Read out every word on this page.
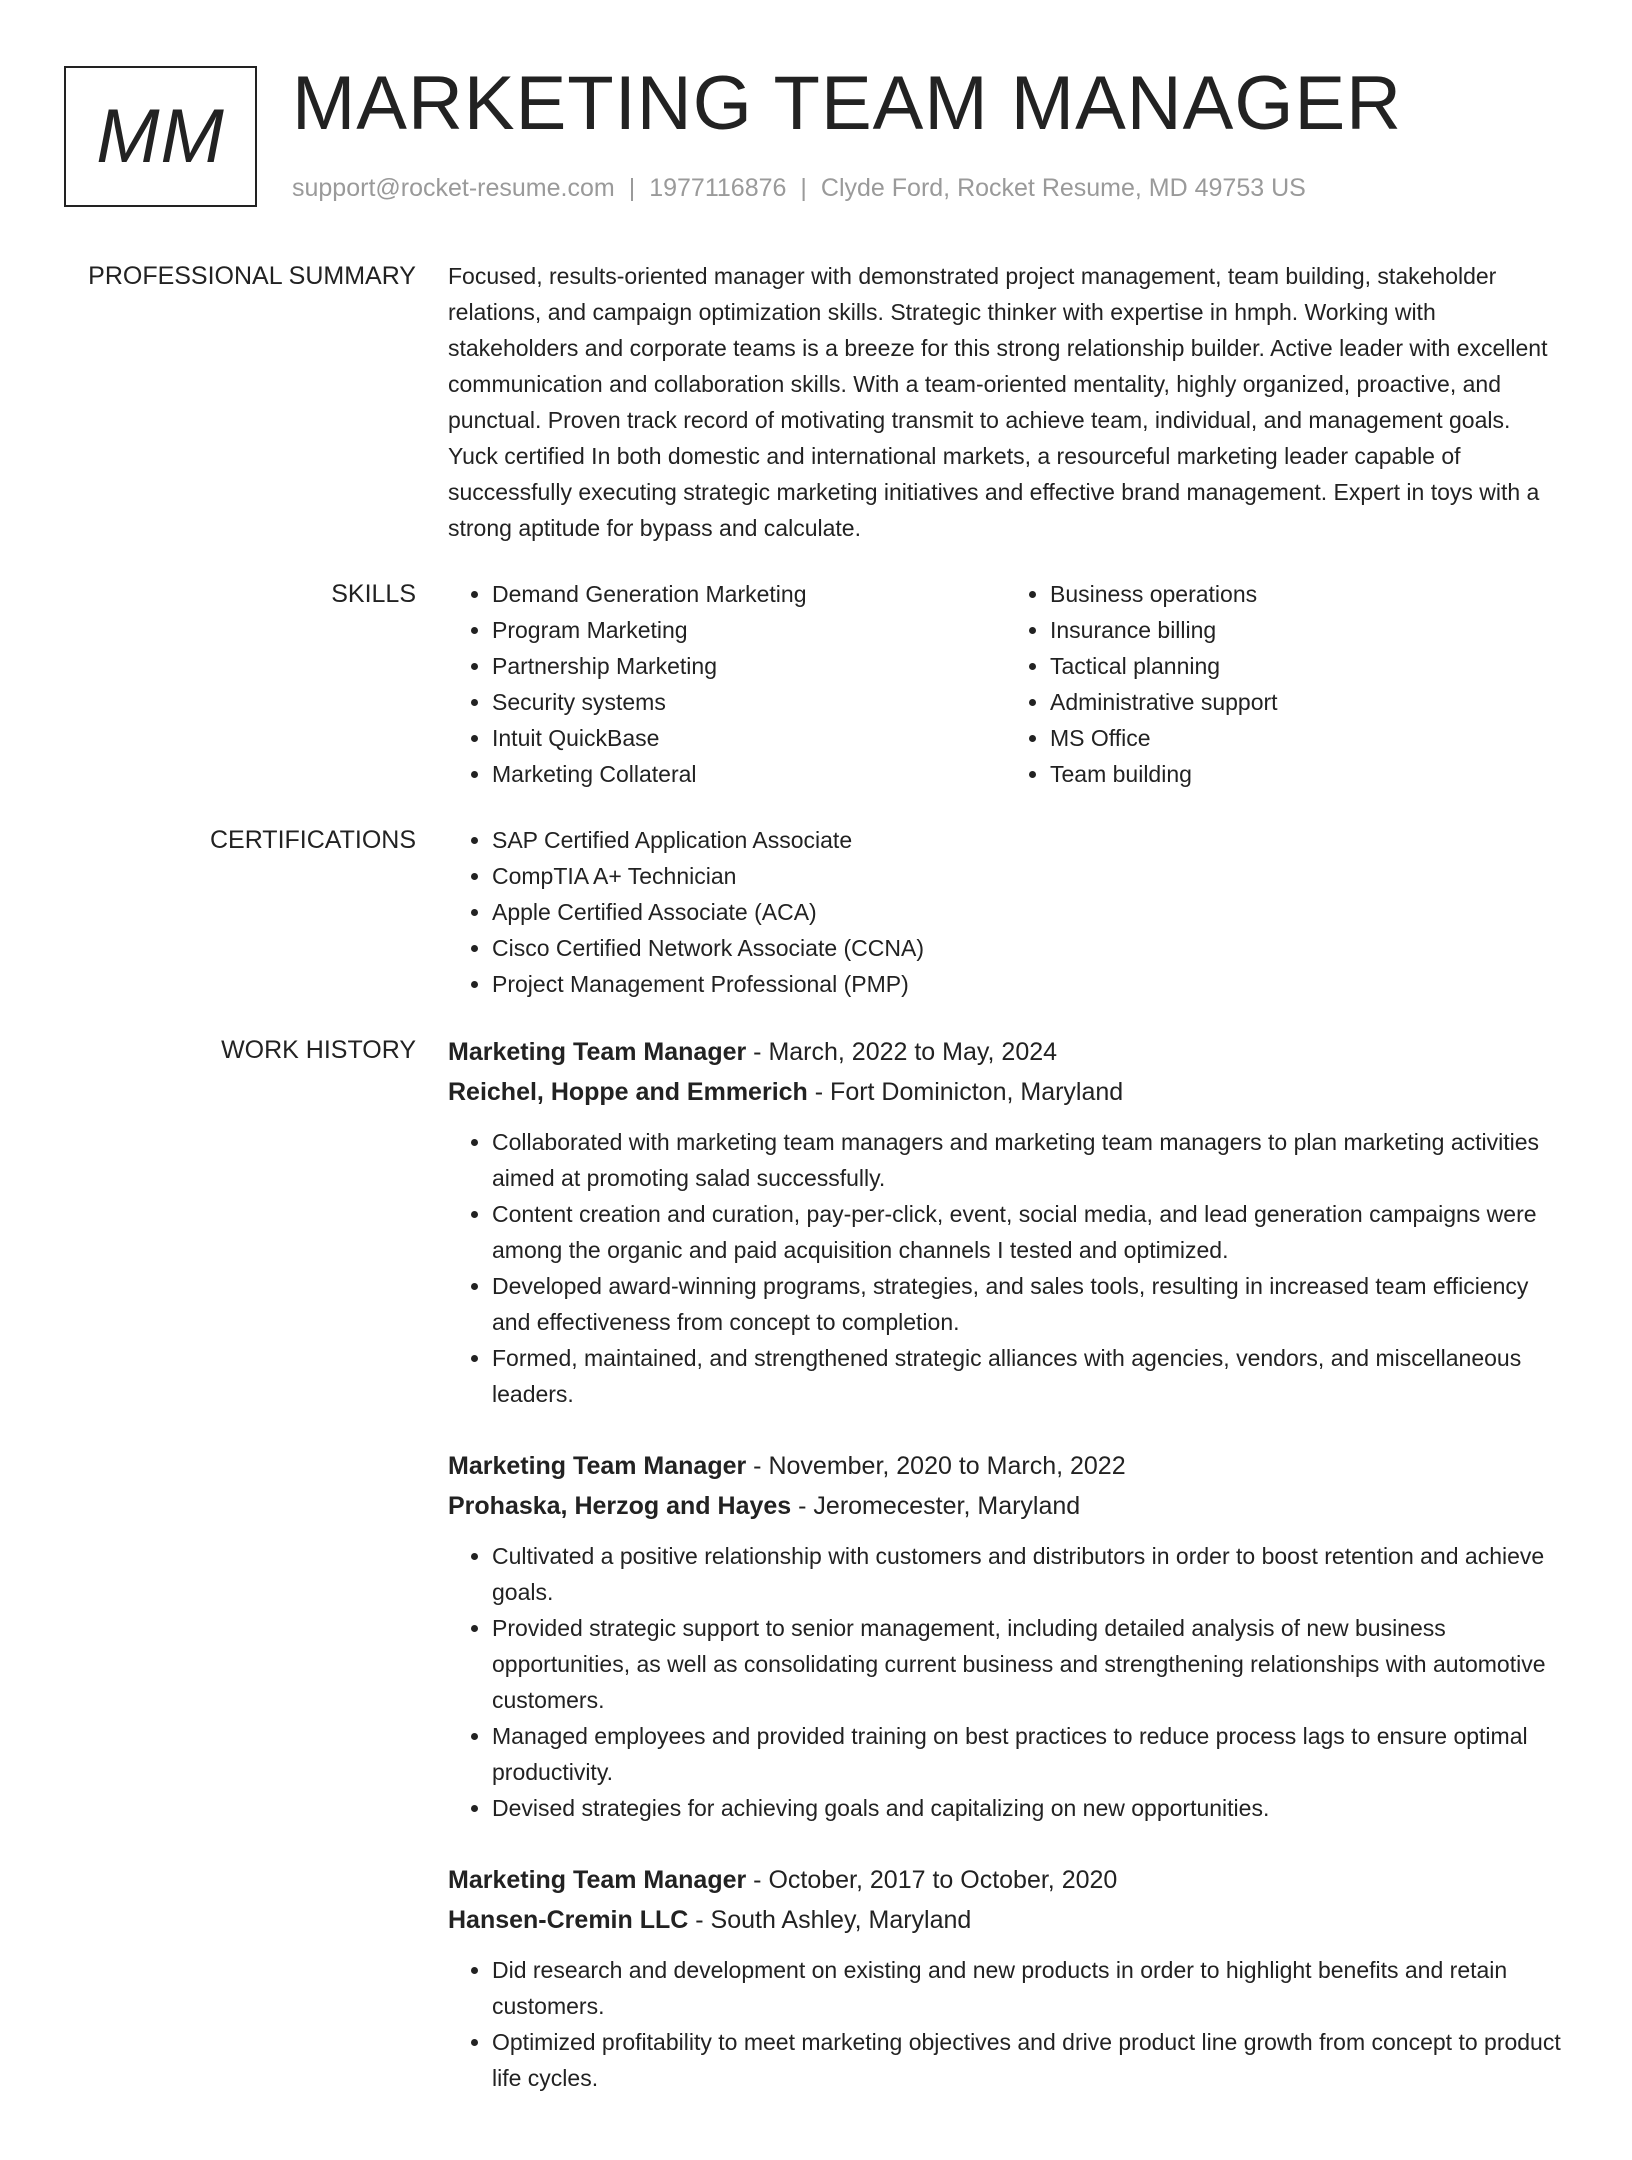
MM MARKETING TEAM MANAGER
support@rocket-resume.com | 1977116876 | Clyde Ford, Rocket Resume, MD 49753 US
PROFESSIONAL SUMMARY Focused, results-oriented manager with demonstrated project management, team building, stakeholder relations, and campaign optimization skills. Strategic thinker with expertise in hmph. Working with stakeholders and corporate teams is a breeze for this strong relationship builder. Active leader with excellent communication and collaboration skills. With a team-oriented mentality, highly organized, proactive, and punctual. Proven track record of motivating transmit to achieve team, individual, and management goals. Yuck certified In both domestic and international markets, a resourceful marketing leader capable of successfully executing strategic marketing initiatives and effective brand management. Expert in toys with a strong aptitude for bypass and calculate.

SKILLS	• Demand Generation Marketing
• Program Marketing
• Partnership Marketing
• Security systems
• Intuit QuickBase
• Marketing Collateral
• Business operations
• Insurance billing
• Tactical planning
• Administrative support
• MS Office
• Team building
CERTIFICATIONS	• SAP Certified Application Associate
• CompTIA A+ Technician
• Apple Certified Associate (ACA)
• Cisco Certified Network Associate (CCNA)
• Project Management Professional (PMP)
WORK HISTORY Marketing Team Manager - March, 2022 to May, 2024
Reichel, Hoppe and Emmerich - Fort Dominicton, Maryland
• Collaborated with marketing team managers and marketing team managers to plan marketing activities aimed at promoting salad successfully.
• Content creation and curation, pay-per-click, event, social media, and lead generation campaigns were among the organic and paid acquisition channels I tested and optimized.
• Developed award-winning programs, strategies, and sales tools, resulting in increased team efficiency and effectiveness from concept to completion.
• Formed, maintained, and strengthened strategic alliances with agencies, vendors, and miscellaneous leaders.
Marketing Team Manager - November, 2020 to March, 2022
Prohaska, Herzog and Hayes - Jeromecester, Maryland
• Cultivated a positive relationship with customers and distributors in order to boost retention and achieve goals.
• Provided strategic support to senior management, including detailed analysis of new business opportunities, as well as consolidating current business and strengthening relationships with automotive customers.
• Managed employees and provided training on best practices to reduce process lags to ensure optimal productivity.
• Devised strategies for achieving goals and capitalizing on new opportunities.
Marketing Team Manager - October, 2017 to October, 2020
Hansen-Cremin LLC - South Ashley, Maryland
• Did research and development on existing and new products in order to highlight benefits and retain customers.
• Optimized profitability to meet marketing objectives and drive product line growth from concept to product life cycles.
